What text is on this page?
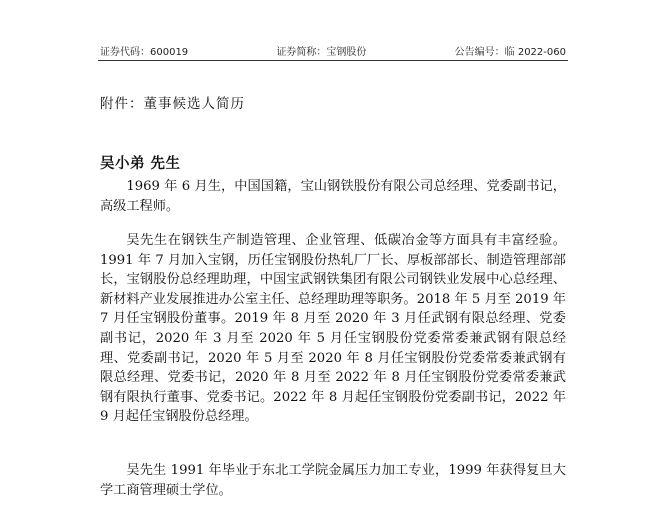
证券代码：600019	证券简称：宝钢股份	公告编号：临 2022-060
附件：董事候选人简历
吴小弟 先生

1969 年 6 月生，中国国籍，宝山钢铁股份有限公司总经理、党委副书记，高级工程师。

吴先生在钢铁生产制造管理、企业管理、低碳冶金等方面具有丰富经验。1991 年 7 月加入宝钢，历任宝钢股份热轧厂厂长、厚板部部长、制造管理部部长，宝钢股份总经理助理，中国宝武钢铁集团有限公司钢铁业发展中心总经理、新材料产业发展推进办公室主任、总经理助理等职务。2018 年 5 月至 2019 年 7 月任宝钢股份董事。2019 年 8 月至 2020 年 3 月任武钢有限总经理、党委副书记，2020 年 3 月至 2020 年 5 月任宝钢股份党委常委兼武钢有限总经理、党委副书记，2020 年 5 月至 2020 年 8 月任宝钢股份党委常委兼武钢有限总经理、党委书记，2020 年 8 月至 2022 年 8 月任宝钢股份党委常委兼武钢有限执行董事、党委书记。2022 年 8 月起任宝钢股份党委副书记，2022 年 9 月起任宝钢股份总经理。

吴先生 1991 年毕业于东北工学院金属压力加工专业，1999 年获得复旦大学工商管理硕士学位。
